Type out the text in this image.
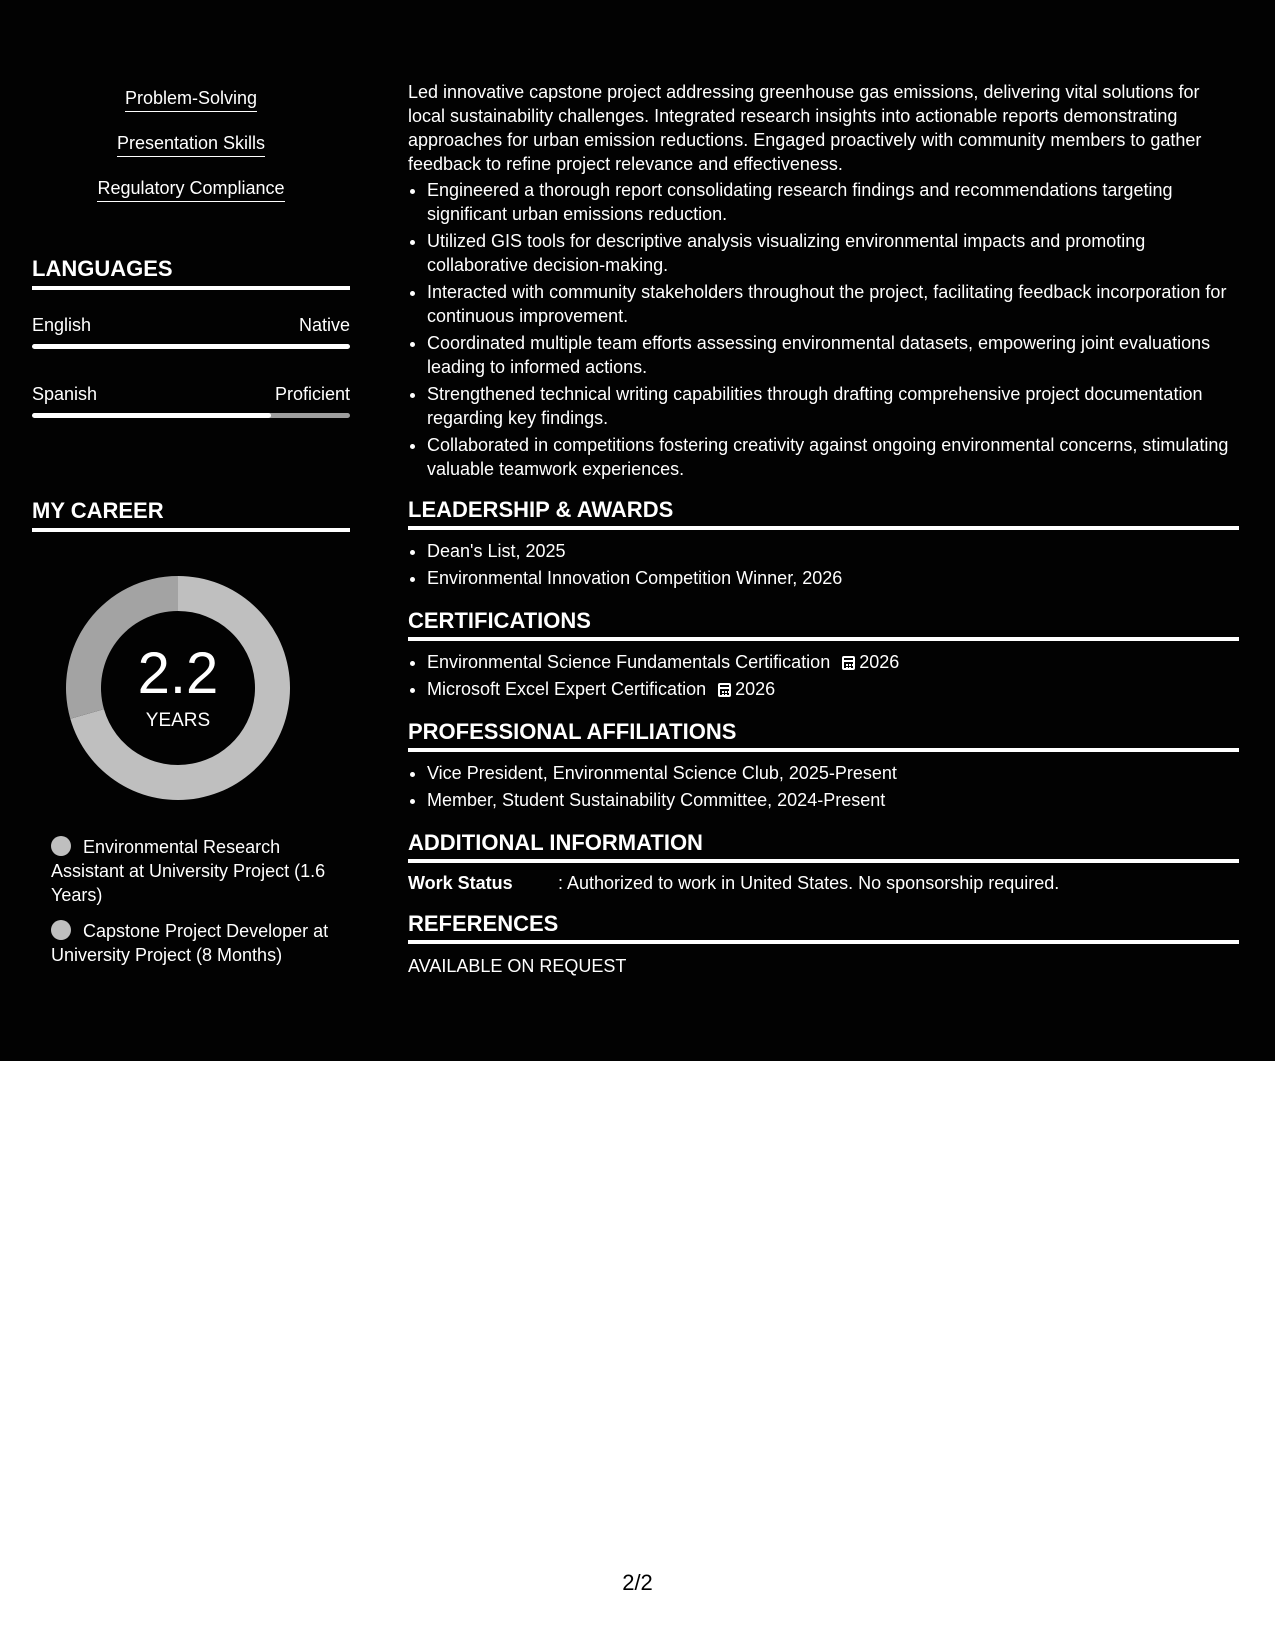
Problem-Solving
Presentation Skills
Regulatory Compliance
LANGUAGES
English	Native
Spanish	Proficient
MY CAREER
2.2
YEARS
Environmental Research Assistant at University Project (1.6 Years)
Capstone Project Developer at University Project (8 Months)

Led innovative capstone project addressing greenhouse gas emissions, delivering vital solutions for local sustainability challenges. Integrated research insights into actionable reports demonstrating approaches for urban emission reductions. Engaged proactively with community members to gather feedback to refine project relevance and effectiveness.

• Engineered a thorough report consolidating research findings and recommendations targeting significant urban emissions reduction.
• Utilized GIS tools for descriptive analysis visualizing environmental impacts and promoting collaborative decision-making.
• Interacted with community stakeholders throughout the project, facilitating feedback incorporation for continuous improvement.
• Coordinated multiple team efforts assessing environmental datasets, empowering joint evaluations leading to informed actions.
• Strengthened technical writing capabilities through drafting comprehensive project documentation regarding key findings.
• Collaborated in competitions fostering creativity against ongoing environmental concerns, stimulating valuable teamwork experiences.
LEADERSHIP & AWARDS
• Dean's List, 2025
• Environmental Innovation Competition Winner, 2026
CERTIFICATIONS
• Environmental Science Fundamentals Certification 2026
• Microsoft Excel Expert Certification 2026
PROFESSIONAL AFFILIATIONS
• Vice President, Environmental Science Club, 2025-Present
• Member, Student Sustainability Committee, 2024-Present
ADDITIONAL INFORMATION
Work Status	: Authorized to work in United States. No sponsorship required.
REFERENCES
AVAILABLE ON REQUEST
2/2
